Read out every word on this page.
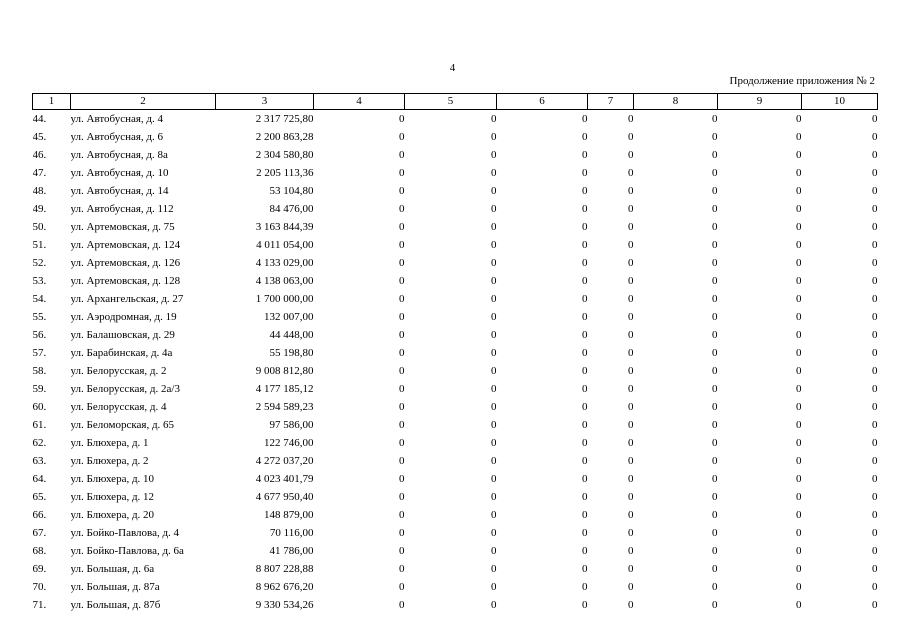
4
Продолжение приложения № 2
1	2	3	4	5	6	7	8	9	10
44.	ул. Автобусная, д. 4	2 317 725,80	0	0	0	0	0	0	0
45.	ул. Автобусная, д. 6	2 200 863,28	0	0	0	0	0	0	0
46.	ул. Автобусная, д. 8а	2 304 580,80	0	0	0	0	0	0	0
47.	ул. Автобусная, д. 10	2 205 113,36	0	0	0	0	0	0	0
48.	ул. Автобусная, д. 14	53 104,80	0	0	0	0	0	0	0
49.	ул. Автобусная, д. 112	84 476,00	0	0	0	0	0	0	0
50.	ул. Артемовская, д. 75	3 163 844,39	0	0	0	0	0	0	0
51.	ул. Артемовская, д. 124	4 011 054,00	0	0	0	0	0	0	0
52.	ул. Артемовская, д. 126	4 133 029,00	0	0	0	0	0	0	0
53.	ул. Артемовская, д. 128	4 138 063,00	0	0	0	0	0	0	0
54.	ул. Архангельская, д. 27	1 700 000,00	0	0	0	0	0	0	0
55.	ул. Аэродромная, д. 19	132 007,00	0	0	0	0	0	0	0
56.	ул. Балашовская, д. 29	44 448,00	0	0	0	0	0	0	0
57.	ул. Барабинская, д. 4а	55 198,80	0	0	0	0	0	0	0
58.	ул. Белорусская, д. 2	9 008 812,80	0	0	0	0	0	0	0
59.	ул. Белорусская, д. 2а/3	4 177 185,12	0	0	0	0	0	0	0
60.	ул. Белорусская, д. 4	2 594 589,23	0	0	0	0	0	0	0
61.	ул. Беломорская, д. 65	97 586,00	0	0	0	0	0	0	0
62.	ул. Блюхера, д. 1	122 746,00	0	0	0	0	0	0	0
63.	ул. Блюхера, д. 2	4 272 037,20	0	0	0	0	0	0	0
64.	ул. Блюхера, д. 10	4 023 401,79	0	0	0	0	0	0	0
65.	ул. Блюхера, д. 12	4 677 950,40	0	0	0	0	0	0	0
66.	ул. Блюхера, д. 20	148 879,00	0	0	0	0	0	0	0
67.	ул. Бойко-Павлова, д. 4	70 116,00	0	0	0	0	0	0	0
68.	ул. Бойко-Павлова, д. 6а	41 786,00	0	0	0	0	0	0	0
69.	ул. Большая, д. 6а	8 807 228,88	0	0	0	0	0	0	0
70.	ул. Большая, д. 87а	8 962 676,20	0	0	0	0	0	0	0
71.	ул. Большая, д. 87б	9 330 534,26	0	0	0	0	0	0	0
